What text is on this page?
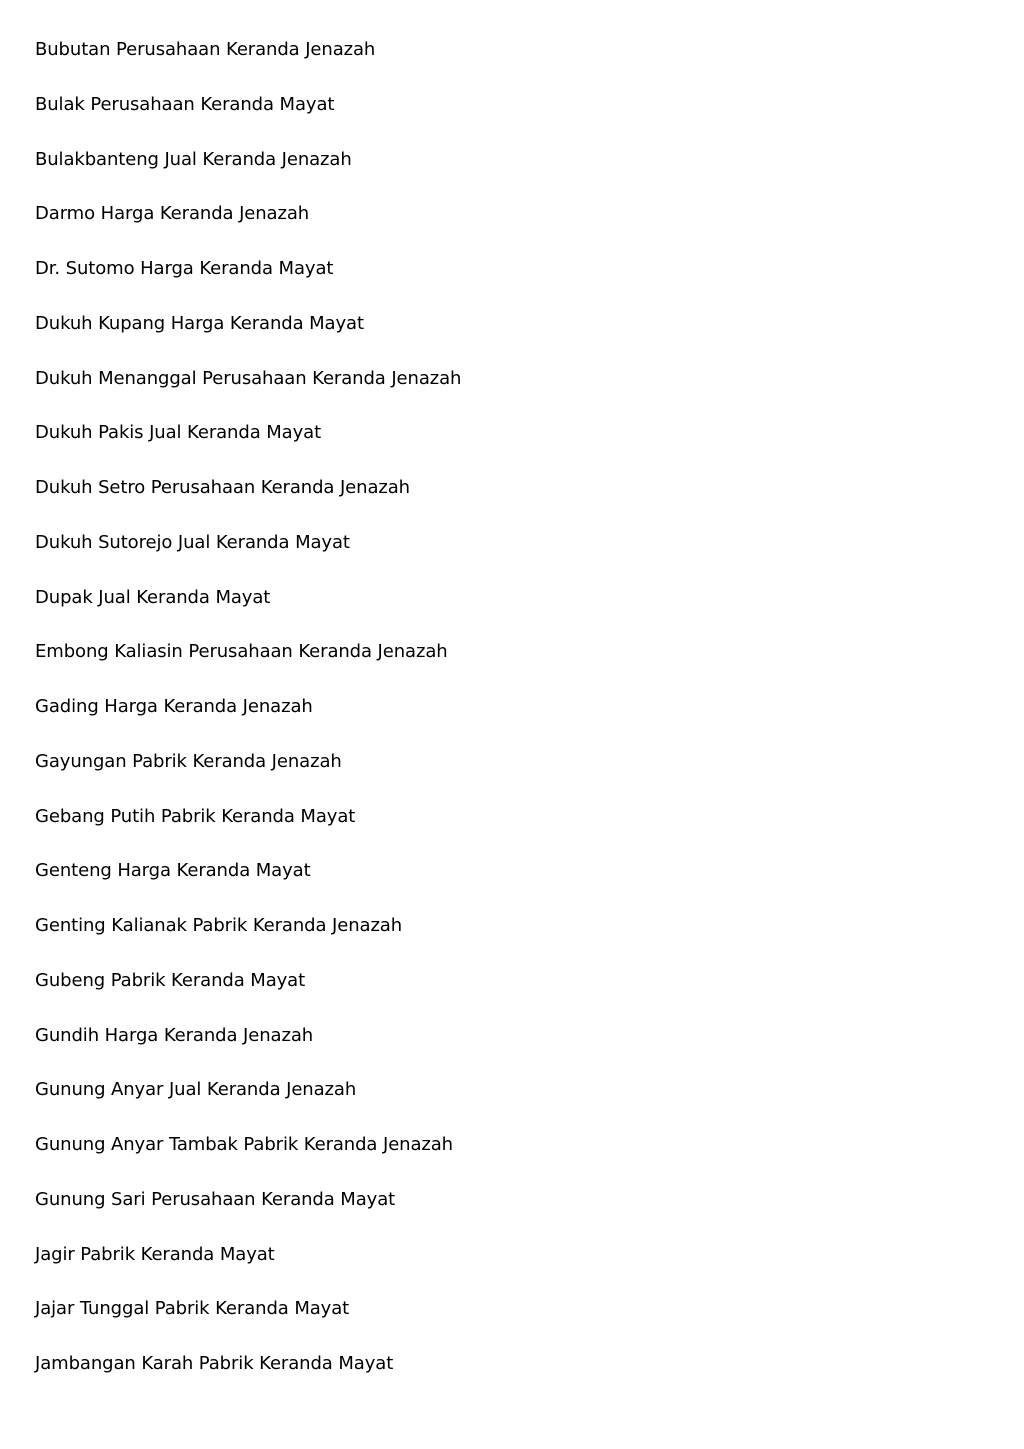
Bubutan Perusahaan Keranda Jenazah
Bulak Perusahaan Keranda Mayat
Bulakbanteng Jual Keranda Jenazah
Darmo Harga Keranda Jenazah
Dr. Sutomo Harga Keranda Mayat
Dukuh Kupang Harga Keranda Mayat
Dukuh Menanggal Perusahaan Keranda Jenazah
Dukuh Pakis Jual Keranda Mayat
Dukuh Setro Perusahaan Keranda Jenazah
Dukuh Sutorejo Jual Keranda Mayat
Dupak Jual Keranda Mayat
Embong Kaliasin Perusahaan Keranda Jenazah
Gading Harga Keranda Jenazah
Gayungan Pabrik Keranda Jenazah
Gebang Putih Pabrik Keranda Mayat
Genteng Harga Keranda Mayat
Genting Kalianak Pabrik Keranda Jenazah
Gubeng Pabrik Keranda Mayat
Gundih Harga Keranda Jenazah
Gunung Anyar Jual Keranda Jenazah
Gunung Anyar Tambak Pabrik Keranda Jenazah
Gunung Sari Perusahaan Keranda Mayat
Jagir Pabrik Keranda Mayat
Jajar Tunggal Pabrik Keranda Mayat
Jambangan Karah Pabrik Keranda Mayat
